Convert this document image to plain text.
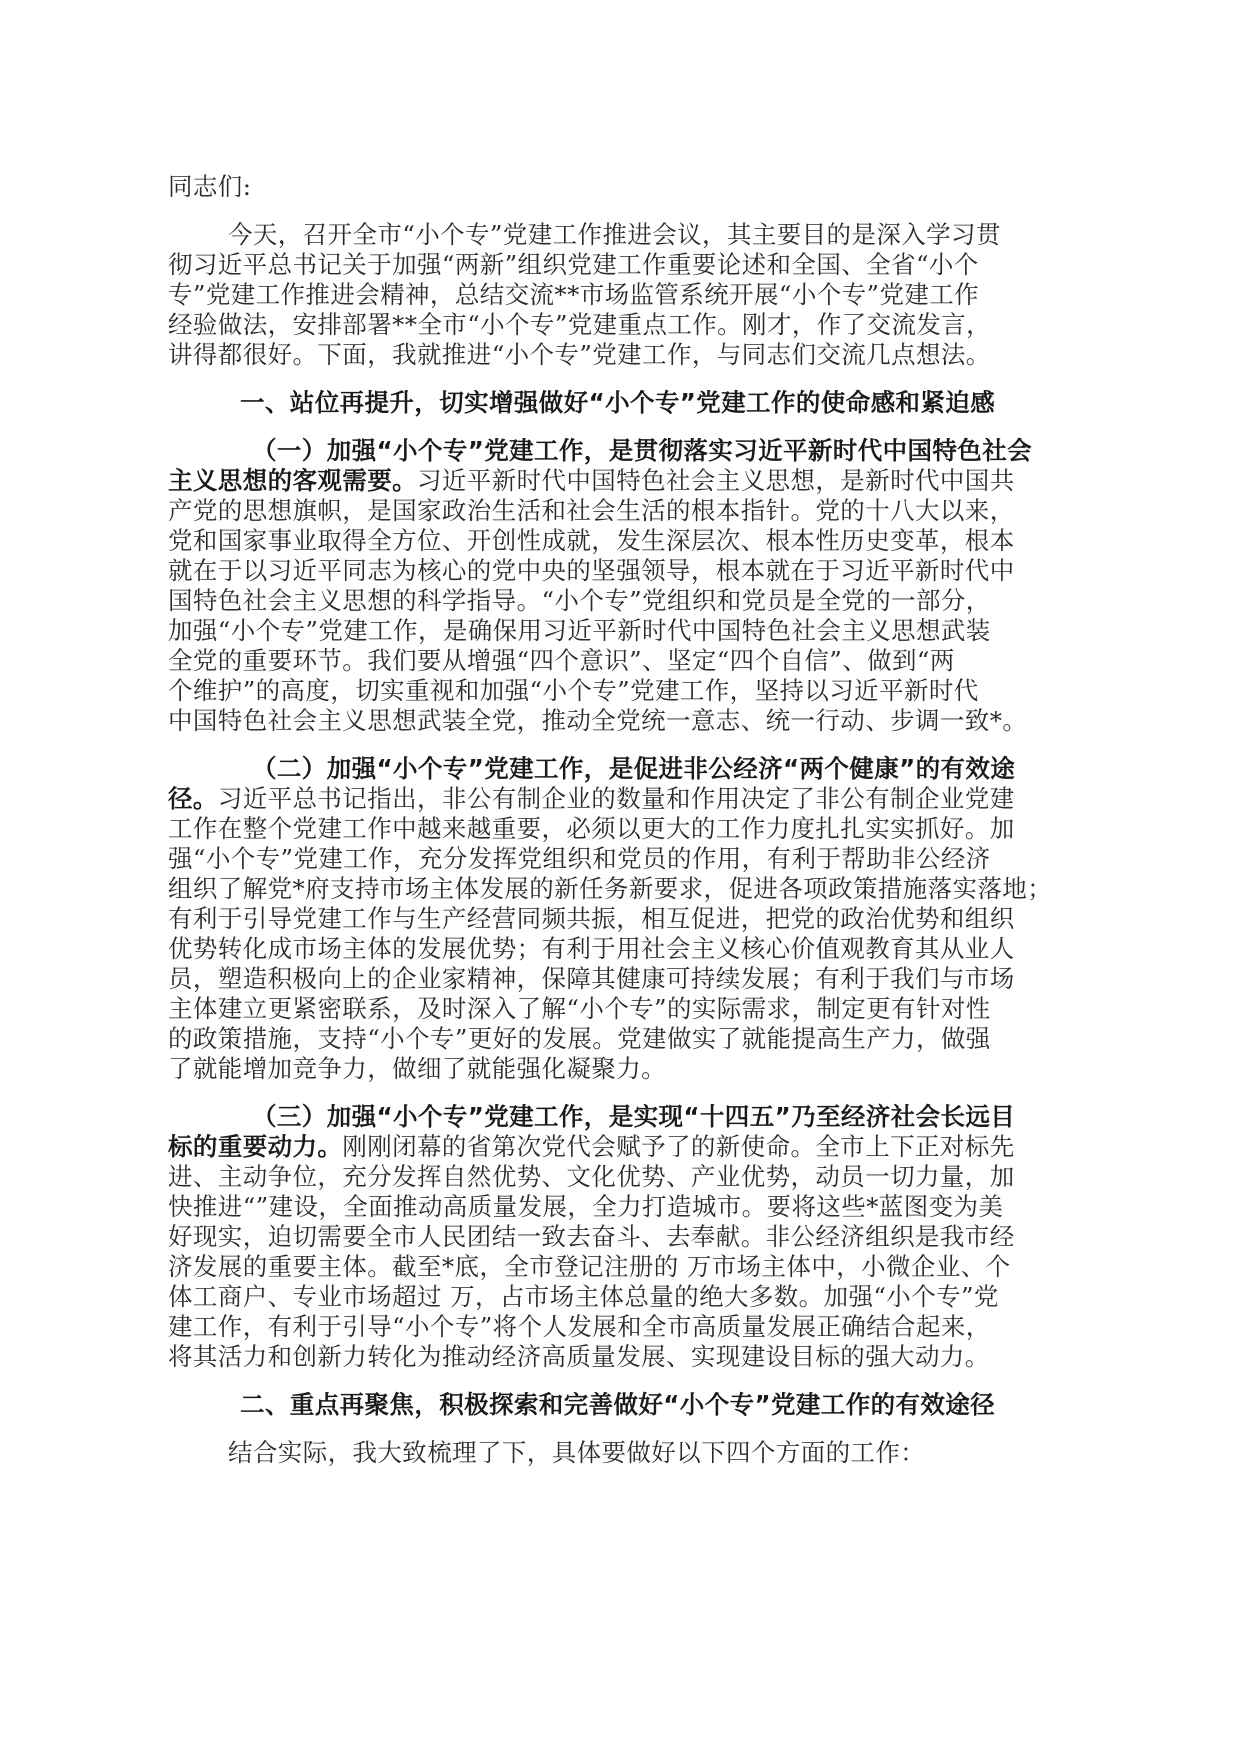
同志们:
今天，召开全市“小个专”党建工作推进会议，其主要目的是深入学习贯
彻习近平总书记关于加强“两新”组织党建工作重要论述和全国、全省“小个
专”党建工作推进会精神，总结交流**市场监管系统开展“小个专”党建工作
经验做法，安排部署**全市“小个专”党建重点工作。刚才，作了交流发言，
讲得都很好。下面，我就推进“小个专”党建工作，与同志们交流几点想法。
一、站位再提升，切实增强做好“小个专”党建工作的使命感和紧迫感
（一）加强“小个专”党建工作，是贯彻落实习近平新时代中国特色社会
主义思想的客观需要。习近平新时代中国特色社会主义思想，是新时代中国共
产党的思想旗帜，是国家政治生活和社会生活的根本指针。党的十八大以来，
党和国家事业取得全方位、开创性成就，发生深层次、根本性历史变革，根本
就在于以习近平同志为核心的党中央的坚强领导，根本就在于习近平新时代中
国特色社会主义思想的科学指导。“小个专”党组织和党员是全党的一部分，
加强“小个专”党建工作，是确保用习近平新时代中国特色社会主义思想武装
全党的重要环节。我们要从增强“四个意识”、坚定“四个自信”、做到“两
个维护”的高度，切实重视和加强“小个专”党建工作，坚持以习近平新时代
中国特色社会主义思想武装全党，推动全党统一意志、统一行动、步调一致*。
（二）加强“小个专”党建工作，是促进非公经济“两个健康”的有效途
径。习近平总书记指出，非公有制企业的数量和作用决定了非公有制企业党建
工作在整个党建工作中越来越重要，必须以更大的工作力度扎扎实实抓好。加
强“小个专”党建工作，充分发挥党组织和党员的作用，有利于帮助非公经济
组织了解党*府支持市场主体发展的新任务新要求，促进各项政策措施落实落地；
有利于引导党建工作与生产经营同频共振，相互促进，把党的政治优势和组织
优势转化成市场主体的发展优势；有利于用社会主义核心价值观教育其从业人
员，塑造积极向上的企业家精神，保障其健康可持续发展；有利于我们与市场
主体建立更紧密联系，及时深入了解“小个专”的实际需求，制定更有针对性
的政策措施，支持“小个专”更好的发展。党建做实了就能提高生产力，做强
了就能增加竞争力，做细了就能强化凝聚力。
（三）加强“小个专”党建工作，是实现“十四五”乃至经济社会长远目
标的重要动力。刚刚闭幕的省第次党代会赋予了的新使命。全市上下正对标先
进、主动争位，充分发挥自然优势、文化优势、产业优势，动员一切力量，加
快推进“”建设，全面推动高质量发展，全力打造城市。要将这些*蓝图变为美
好现实，迫切需要全市人民团结一致去奋斗、去奉献。非公经济组织是我市经
济发展的重要主体。截至*底，全市登记注册的 万市场主体中，小微企业、个
体工商户、专业市场超过 万，占市场主体总量的绝大多数。加强“小个专”党
建工作，有利于引导“小个专”将个人发展和全市高质量发展正确结合起来，
将其活力和创新力转化为推动经济高质量发展、实现建设目标的强大动力。
二、重点再聚焦，积极探索和完善做好“小个专”党建工作的有效途径
结合实际，我大致梳理了下，具体要做好以下四个方面的工作：
